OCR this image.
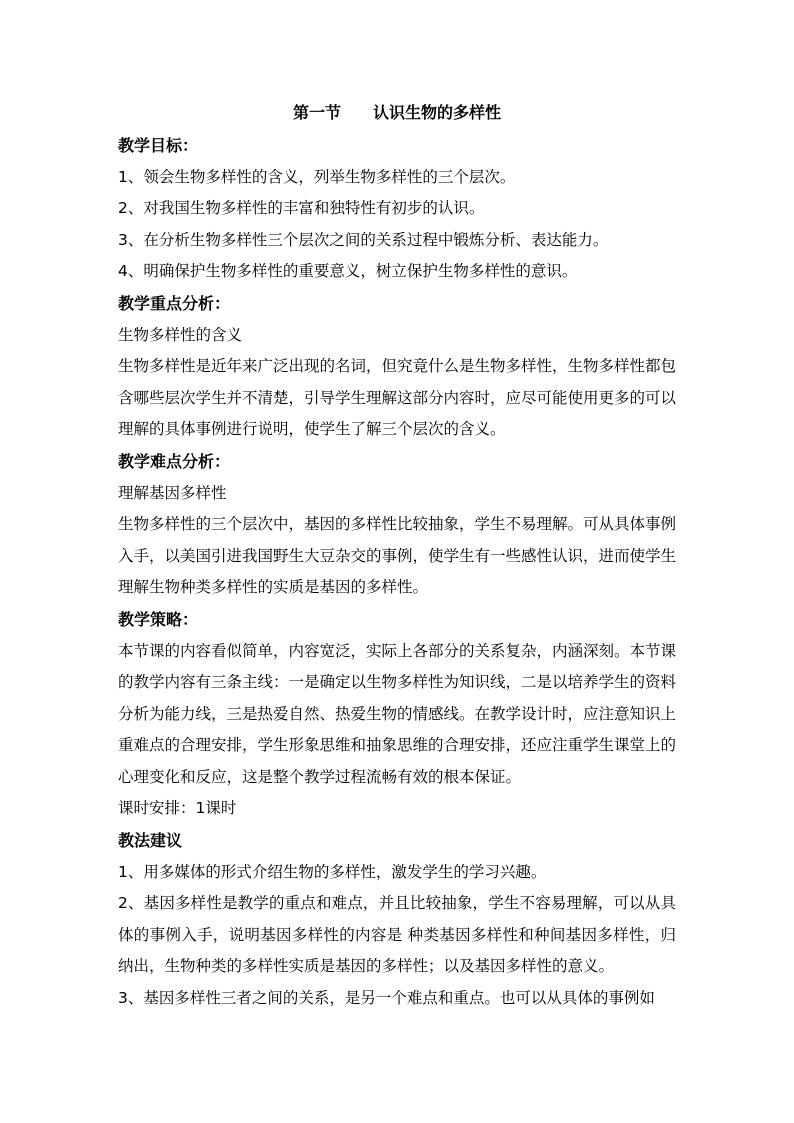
第一节　　认识生物的多样性

教学目标：

1、领会生物多样性的含义，列举生物多样性的三个层次。

2、对我国生物多样性的丰富和独特性有初步的认识。

3、在分析生物多样性三个层次之间的关系过程中锻炼分析、表达能力。

4、明确保护生物多样性的重要意义，树立保护生物多样性的意识。

教学重点分析：

生物多样性的含义

生物多样性是近年来广泛出现的名词，但究竟什么是生物多样性，生物多样性都包含哪些层次学生并不清楚，引导学生理解这部分内容时，应尽可能使用更多的可以理解的具体事例进行说明，使学生了解三个层次的含义。

教学难点分析：

理解基因多样性

生物多样性的三个层次中，基因的多样性比较抽象，学生不易理解。可从具体事例入手，以美国引进我国野生大豆杂交的事例，使学生有一些感性认识，进而使学生理解生物种类多样性的实质是基因的多样性。

教学策略：

本节课的内容看似简单，内容宽泛，实际上各部分的关系复杂，内涵深刻。本节课的教学内容有三条主线：一是确定以生物多样性为知识线，二是以培养学生的资料分析为能力线，三是热爱自然、热爱生物的情感线。在教学设计时，应注意知识上重难点的合理安排，学生形象思维和抽象思维的合理安排，还应注重学生课堂上的心理变化和反应，这是整个教学过程流畅有效的根本保证。

课时安排：1课时

教法建议

1、用多媒体的形式介绍生物的多样性，激发学生的学习兴趣。

2、基因多样性是教学的重点和难点，并且比较抽象，学生不容易理解，可以从具体的事例入手，说明基因多样性的内容是 种类基因多样性和种间基因多样性，归纳出，生物种类的多样性实质是基因的多样性；以及基因多样性的意义。

3、基因多样性三者之间的关系，是另一个难点和重点。也可以从具体的事例如
